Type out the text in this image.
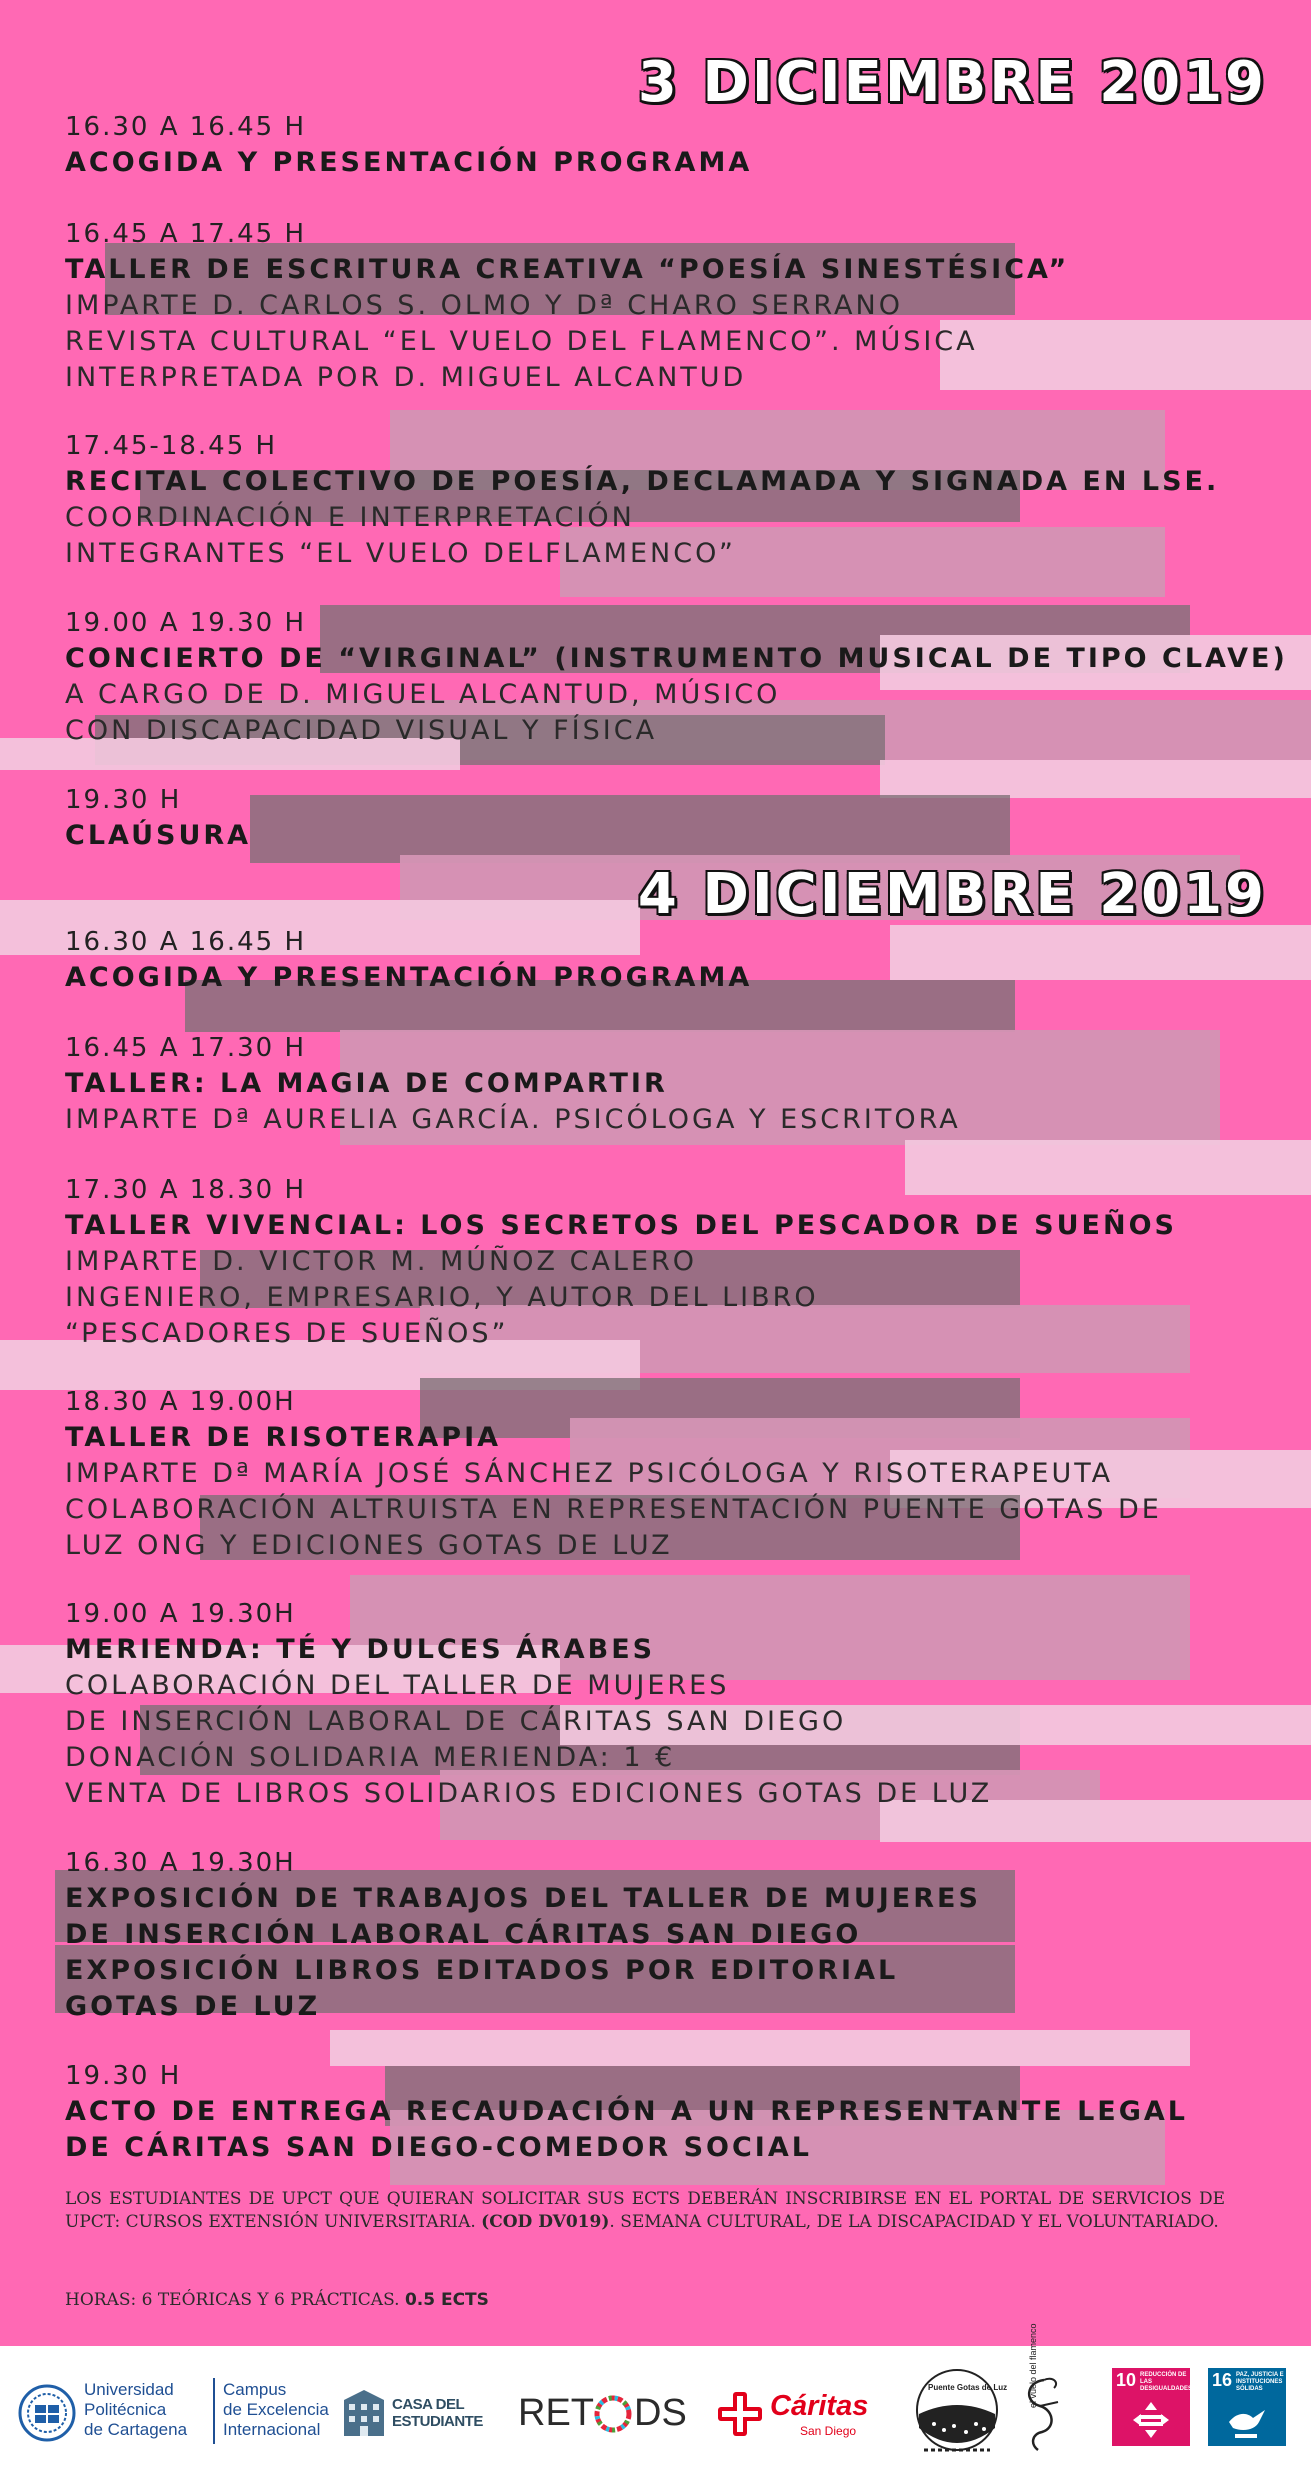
3 DICIEMBRE 2019
16.30 A 16.45 H
ACOGIDA Y PRESENTACIÓN PROGRAMA
16.45 A 17.45 H
TALLER DE ESCRITURA CREATIVA “POESÍA SINESTÉSICA”
IMPARTE D. CARLOS S. OLMO Y Dª CHARO SERRANO
REVISTA CULTURAL “EL VUELO DEL FLAMENCO”. MÚSICA
INTERPRETADA POR D. MIGUEL ALCANTUD
17.45-18.45 H
RECITAL COLECTIVO DE POESÍA, DECLAMADA Y SIGNADA EN LSE.
COORDINACIÓN E INTERPRETACIÓN
INTEGRANTES “EL VUELO DELFLAMENCO”
19.00 A 19.30 H
CONCIERTO DE “VIRGINAL” (INSTRUMENTO MUSICAL DE TIPO CLAVE)
A CARGO DE D. MIGUEL ALCANTUD, MÚSICO
CON DISCAPACIDAD VISUAL Y FÍSICA
19.30 H
CLAÚSURA
4 DICIEMBRE 2019
16.30 A 16.45 H
ACOGIDA Y PRESENTACIÓN PROGRAMA
16.45 A 17.30 H
TALLER: LA MAGIA DE COMPARTIR
IMPARTE Dª AURELIA GARCÍA. PSICÓLOGA Y ESCRITORA
17.30 A 18.30 H
TALLER VIVENCIAL: LOS SECRETOS DEL PESCADOR DE SUEÑOS
IMPARTE D. VICTOR M. MÚÑOZ CALERO
INGENIERO, EMPRESARIO, Y AUTOR DEL LIBRO
“PESCADORES DE SUEÑOS”
18.30 A 19.00H
TALLER DE RISOTERAPIA
IMPARTE Dª MARÍA JOSÉ SÁNCHEZ PSICÓLOGA Y RISOTERAPEUTA
COLABORACIÓN ALTRUISTA EN REPRESENTACIÓN PUENTE GOTAS DE
LUZ ONG Y EDICIONES GOTAS DE LUZ
19.00 A 19.30H
MERIENDA: TÉ Y DULCES ÁRABES
COLABORACIÓN DEL TALLER DE MUJERES
DE INSERCIÓN LABORAL DE CÁRITAS SAN DIEGO
DONACIÓN SOLIDARIA MERIENDA: 1 €
VENTA DE LIBROS SOLIDARIOS EDICIONES GOTAS DE LUZ
16.30 A 19.30H
EXPOSICIÓN DE TRABAJOS DEL TALLER DE MUJERES
DE INSERCIÓN LABORAL CÁRITAS SAN DIEGO
EXPOSICIÓN LIBROS EDITADOS POR EDITORIAL
GOTAS DE LUZ
19.30 H
ACTO DE ENTREGA RECAUDACIÓN A UN REPRESENTANTE LEGAL
DE CÁRITAS SAN DIEGO-COMEDOR SOCIAL

LOS ESTUDIANTES DE UPCT QUE QUIERAN SOLICITAR SUS ECTS DEBERÁN INSCRIBIRSE EN EL PORTAL DE SERVICIOS DE UPCT: CURSOS EXTENSIÓN UNIVERSITARIA. (COD DV019). SEMANA CULTURAL, DE LA DISCAPACIDAD Y EL VOLUNTARIADO.

HORAS: 6 TEÓRICAS Y 6 PRÁCTICAS. 0.5 ECTS

Universidad
Politécnica
de Cartagena
Campus
de Excelencia
Internacional
CASA DEL
ESTUDIANTE RET DS	Cáritas
San Diego
Puente Gotas de Luz el vuelo del flamenco	10 REDUCCIÓN DE LAS DESIGUALDADES 16 PAZ, JUSTICIA E INSTITUCIONES SÓLIDAS
